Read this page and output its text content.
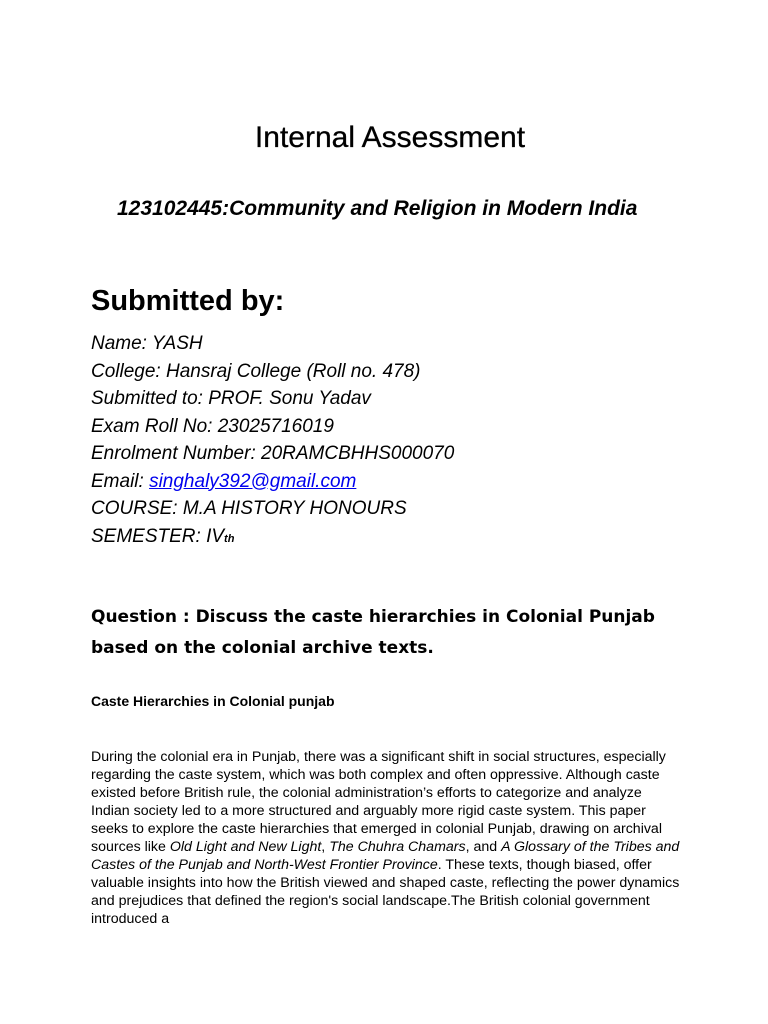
Internal Assessment
123102445:Community and Religion in Modern India
Submitted by:
Name: YASH
College: Hansraj College (Roll no. 478)
Submitted to: PROF. Sonu Yadav
Exam Roll No: 23025716019
Enrolment Number: 20RAMCBHHS000070
Email: singhaly392@gmail.com
COURSE: M.A HISTORY HONOURS
SEMESTER: IVth

Question : Discuss the caste hierarchies in Colonial Punjab based on the colonial archive texts.

Caste Hierarchies in Colonial punjab

During the colonial era in Punjab, there was a significant shift in social structures, especially regarding the caste system, which was both complex and often oppressive. Although caste existed before British rule, the colonial administration’s efforts to categorize and analyze Indian society led to a more structured and arguably more rigid caste system. This paper seeks to explore the caste hierarchies that emerged in colonial Punjab, drawing on archival sources like Old Light and New Light, The Chuhra Chamars, and A Glossary of the Tribes and Castes of the Punjab and North-West Frontier Province. These texts, though biased, offer valuable insights into how the British viewed and shaped caste, reflecting the power dynamics and prejudices that defined the region's social landscape.The British colonial government introduced a
